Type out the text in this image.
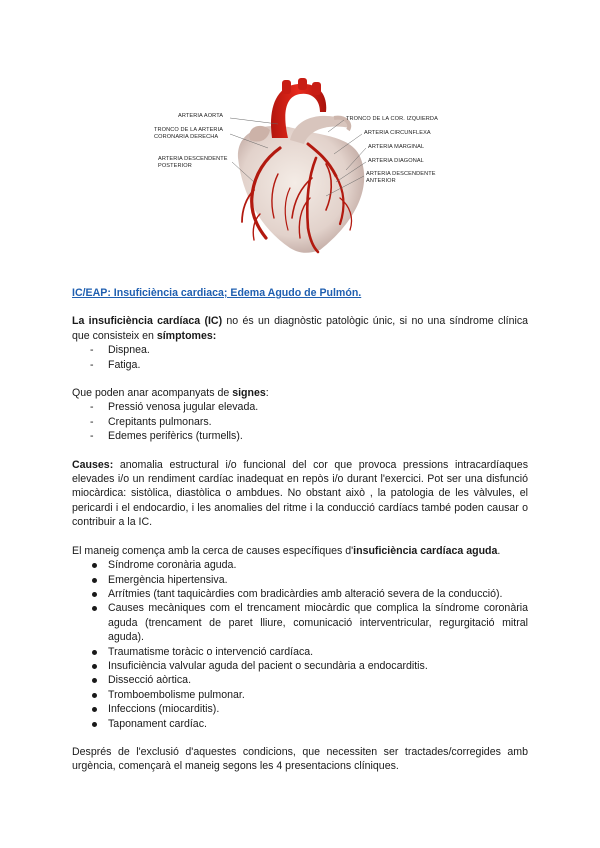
ARTERIA AORTA
TRONCO DE LA ARTERIA
CORONARIA DERECHA
ARTERIA DESCENDENTE
POSTERIOR
TRONCO DE LA COR. IZQUIERDA
ARTERIA CIRCUNFLEXA
ARTERIA MARGINAL
ARTERIA DIAGONAL
ARTERIA DESCENDENTE
ANTERIOR
IC/EAP: Insuficiència cardiaca; Edema Agudo de Pulmón.

La insuficiència cardíaca (IC) no és un diagnòstic patològic únic, si no una síndrome clínica que consisteix en símptomes:

- Dispnea.
- Fatiga.

Que poden anar acompanyats de signes:

- Pressió venosa jugular elevada.
- Crepitants pulmonars.
- Edemes perifèrics (turmells).

Causes: anomalia estructural i/o funcional del cor que provoca pressions intracardíaques elevades i/o un rendiment cardíac inadequat en repòs i/o durant l'exercici. Pot ser una disfunció miocàrdica: sistòlica, diastòlica o ambdues. No obstant això , la patologia de les vàlvules, el pericardi i el endocardio, i les anomalies del ritme i la conducció cardíacs també poden causar o contribuir a la IC.

El maneig comença amb la cerca de causes específiques d'insuficiència cardíaca aguda.

Síndrome coronària aguda.
Emergència hipertensiva.
Arrítmies (tant taquicàrdies com bradicàrdies amb alteració severa de la conducció).
Causes mecàniques com el trencament miocàrdic que complica la síndrome coronària aguda (trencament de paret lliure, comunicació interventricular, regurgitació mitral aguda).
Traumatisme toràcic o intervenció cardíaca.
Insuficiència valvular aguda del pacient o secundària a endocarditis.
Dissecció aòrtica.
Tromboembolisme pulmonar.
Infeccions (miocarditis).
Taponament cardíac.

Després de l'exclusió d'aquestes condicions, que necessiten ser tractades/corregides amb urgència, començarà el maneig segons les 4 presentacions clíniques.
